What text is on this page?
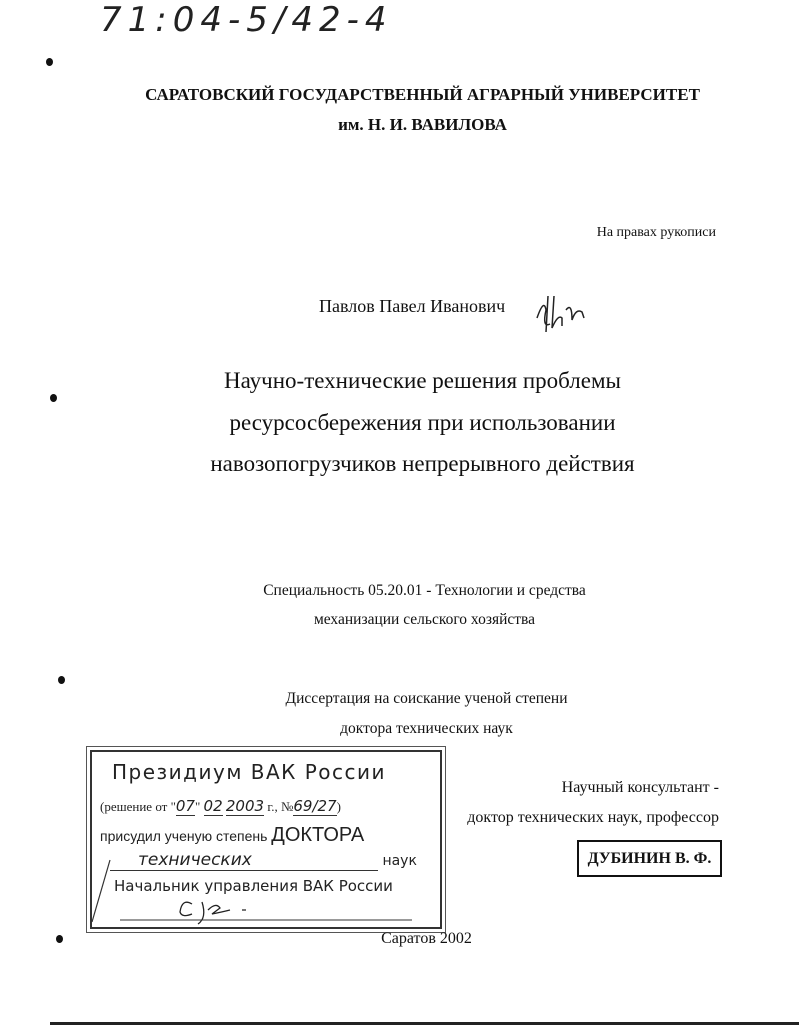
71:04-5/42-4
САРАТОВСКИЙ ГОСУДАРСТВЕННЫЙ АГРАРНЫЙ УНИВЕРСИТЕТ
им. Н. И. ВАВИЛОВА
На правах рукописи
Павлов Павел Иванович
Научно-технические решения проблемы
ресурсосбережения при использовании
навозопогрузчиков непрерывного действия
Специальность 05.20.01 - Технологии и средства
механизации сельского хозяйства
Диссертация на соискание ученой степени
доктора технических наук
Научный консультант -
доктор технических наук, профессор
ДУБИНИН В. Ф.
Президиум ВАК России
(решение от "07" 02 2003 г., №69/27)
присудил ученую степень ДОКТОРА
технических	наук
Начальник управления ВАК России
Саратов 2002
